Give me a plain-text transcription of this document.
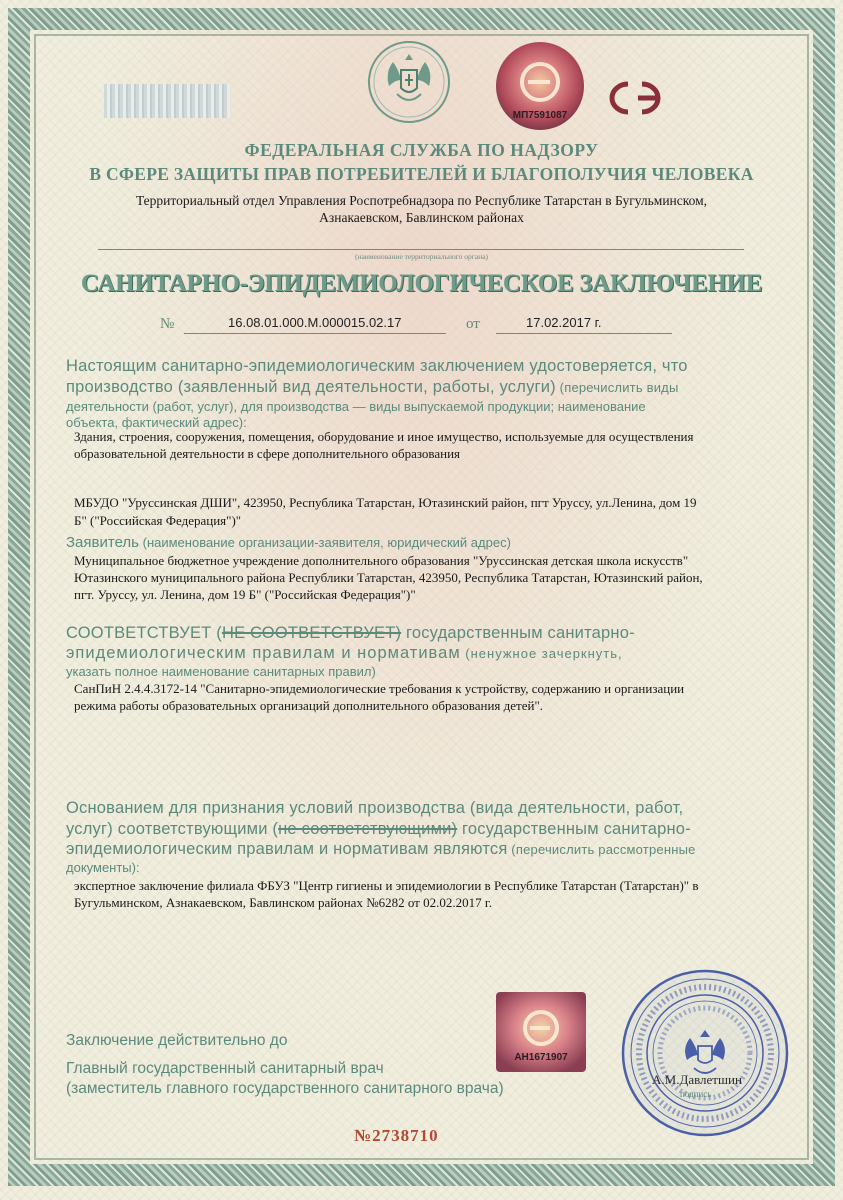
МП7591087
ФЕДЕРАЛЬНАЯ СЛУЖБА ПО НАДЗОРУ
В СФЕРЕ ЗАЩИТЫ ПРАВ ПОТРЕБИТЕЛЕЙ И БЛАГОПОЛУЧИЯ ЧЕЛОВЕКА
Территориальный отдел Управления Роспотребнадзора по Республике Татарстан в Бугульминском,
Азнакаевском, Бавлинском районах
(наименование территориального органа)
САНИТАРНО-ЭПИДЕМИОЛОГИЧЕСКОЕ ЗАКЛЮЧЕНИЕ
№	16.08.01.000.М.000015.02.17	от	17.02.2017 г.
Настоящим санитарно-эпидемиологическим заключением удостоверяется, что
производство (заявленный вид деятельности, работы, услуги) (перечислить виды
деятельности (работ, услуг), для производства — виды выпускаемой продукции; наименование
объекта, фактический адрес):
Здания, строения, сооружения, помещения, оборудование и иное имущество, используемые для осуществления
образовательной деятельности в сфере дополнительного образования
МБУДО "Уруссинская ДШИ", 423950, Республика Татарстан, Ютазинский район, пгт Уруссу, ул.Ленина, дом 19
Б" ("Российская Федерация")"
Заявитель (наименование организации-заявителя, юридический адрес)
Муниципальное бюджетное учреждение дополнительного образования "Уруссинская детская школа искусств"
Ютазинского муниципального района Республики Татарстан, 423950, Республика Татарстан, Ютазинский район,
пгт. Уруссу, ул. Ленина, дом 19 Б" ("Российская Федерация")"
СООТВЕТСТВУЕТ (НЕ СООТВЕТСТВУЕТ) государственным санитарно-
эпидемиологическим правилам и нормативам (ненужное зачеркнуть,
указать полное наименование санитарных правил)
СанПиН 2.4.4.3172-14 "Санитарно-эпидемиологические требования к устройству, содержанию и организации
режима работы образовательных организаций дополнительного образования детей".
Основанием для признания условий производства (вида деятельности, работ,
услуг) соответствующими (не соответствующими) государственным санитарно-
эпидемиологическим правилам и нормативам являются (перечислить рассмотренные
документы):
экспертное заключение филиала ФБУЗ "Центр гигиены и эпидемиологии в Республике Татарстан (Татарстан)" в
Бугульминском, Азнакаевском, Бавлинском районах №6282 от 02.02.2017 г.
Заключение действительно до
Главный государственный санитарный врач
(заместитель главного государственного санитарного врача)
АН1671907
А.М.Давлетшин
подпись
№2738710
